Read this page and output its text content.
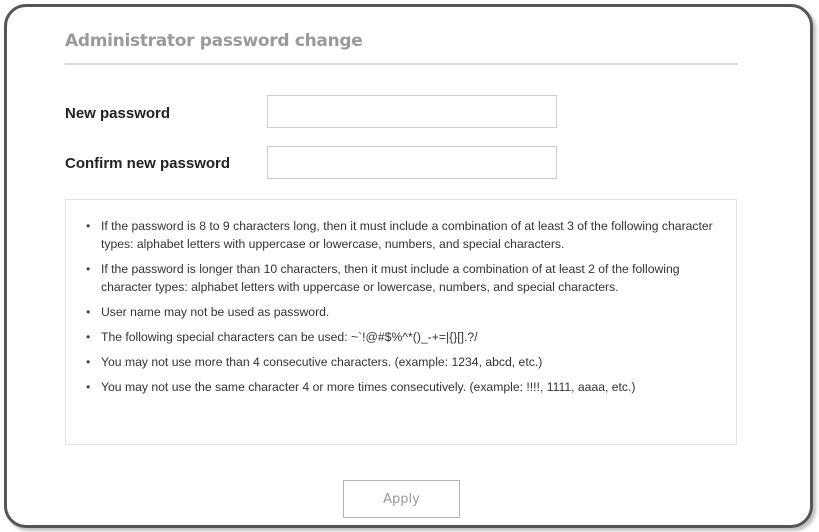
Administrator password change
New password
Confirm new password
• If the password is 8 to 9 characters long, then it must include a combination of at least 3 of the following character types: alphabet letters with uppercase or lowercase, numbers, and special characters.
• If the password is longer than 10 characters, then it must include a combination of at least 2 of the following character types: alphabet letters with uppercase or lowercase, numbers, and special characters.
• User name may not be used as password.
• The following special characters can be used: ~`!@#$%^*()_-+=|{}[].?/
• You may not use more than 4 consecutive characters. (example: 1234, abcd, etc.)
• You may not use the same character 4 or more times consecutively. (example: !!!!, 1111, aaaa, etc.)
Apply
